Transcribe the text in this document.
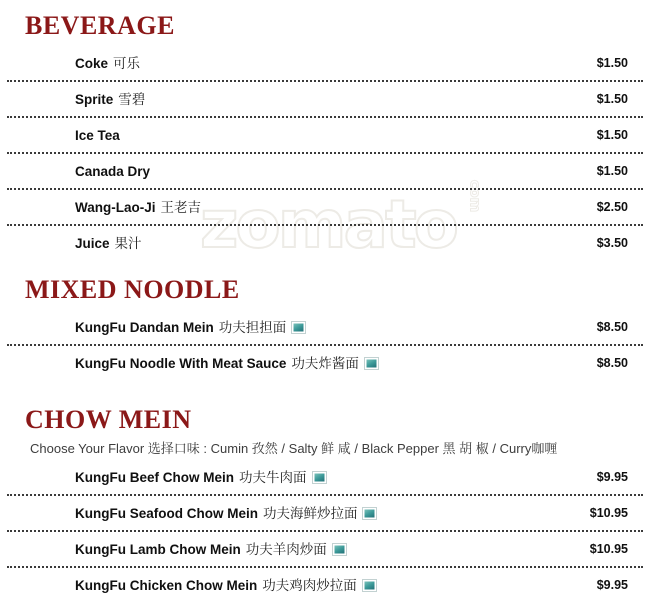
zomato com
BEVERAGE
Coke 可乐	$1.50
Sprite 雪碧	$1.50
Ice Tea	$1.50
Canada Dry	$1.50
Wang-Lao-Ji 王老吉	$2.50
Juice 果汁	$3.50
MIXED NOODLE
KungFu Dandan Mein 功夫担担面	$8.50
KungFu Noodle With Meat Sauce 功夫炸酱面	$8.50
CHOW MEIN
Choose Your Flavor 选择口味 : Cumin 孜然 / Salty 鲜 咸 / Black Pepper 黑 胡 椒 / Curry咖喱
KungFu Beef Chow Mein 功夫牛肉面	$9.95
KungFu Seafood Chow Mein 功夫海鲜炒拉面	$10.95
KungFu Lamb Chow Mein 功夫羊肉炒面	$10.95
KungFu Chicken Chow Mein 功夫鸡肉炒拉面	$9.95
